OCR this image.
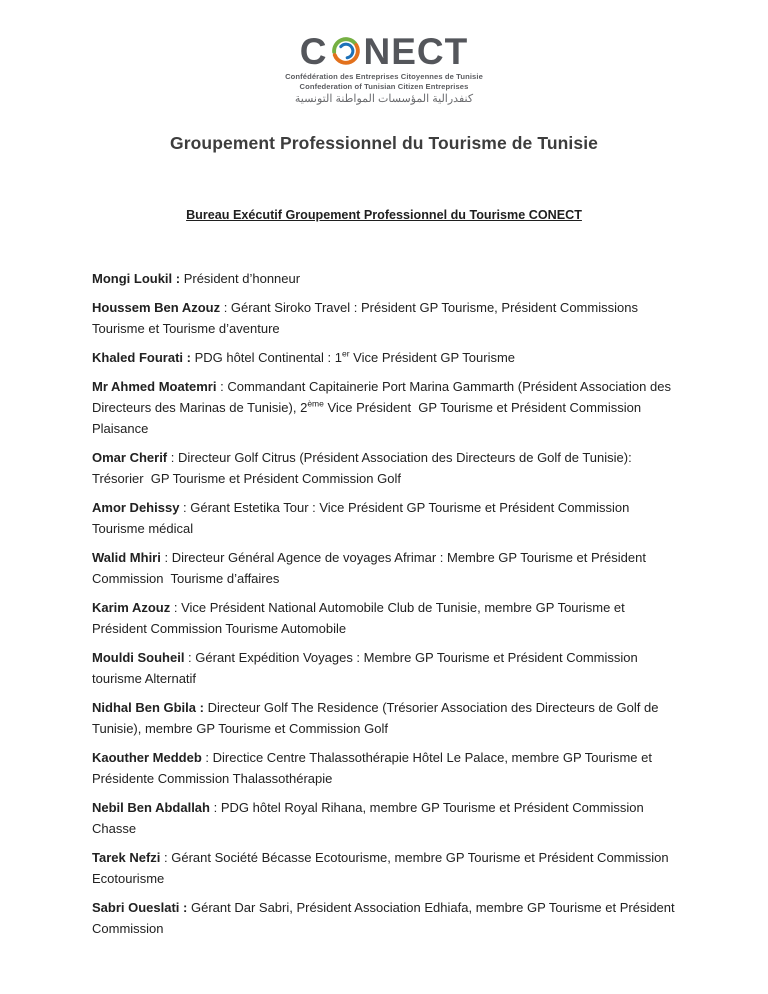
C NECT
Confédération des Entreprises Citoyennes de Tunisie
Confederation of Tunisian Citizen Entreprises
كنفدرالية المؤسسات المواطنة التونسية
Groupement Professionnel du Tourisme de Tunisie
Bureau Exécutif Groupement Professionnel du Tourisme CONECT

Mongi Loukil : Président d’honneur

Houssem Ben Azouz : Gérant Siroko Travel : Président GP Tourisme, Président Commissions Tourisme et Tourisme d’aventure

Khaled Fourati : PDG hôtel Continental : 1er Vice Président GP Tourisme

Mr Ahmed Moatemri : Commandant Capitainerie Port Marina Gammarth (Président Association des Directeurs des Marinas de Tunisie), 2ème Vice Président  GP Tourisme et Président Commission Plaisance

Omar Cherif : Directeur Golf Citrus (Président Association des Directeurs de Golf de Tunisie): Trésorier  GP Tourisme et Président Commission Golf

Amor Dehissy : Gérant Estetika Tour : Vice Président GP Tourisme et Président Commission Tourisme médical

Walid Mhiri : Directeur Général Agence de voyages Afrimar : Membre GP Tourisme et Président Commission  Tourisme d’affaires

Karim Azouz : Vice Président National Automobile Club de Tunisie, membre GP Tourisme et Président Commission Tourisme Automobile

Mouldi Souheil : Gérant Expédition Voyages : Membre GP Tourisme et Président Commission tourisme Alternatif

Nidhal Ben Gbila : Directeur Golf The Residence (Trésorier Association des Directeurs de Golf de Tunisie), membre GP Tourisme et Commission Golf

Kaouther Meddeb : Directice Centre Thalassothérapie Hôtel Le Palace, membre GP Tourisme et Présidente Commission Thalassothérapie

Nebil Ben Abdallah : PDG hôtel Royal Rihana, membre GP Tourisme et Président Commission Chasse

Tarek Nefzi : Gérant Société Bécasse Ecotourisme, membre GP Tourisme et Président Commission Ecotourisme

Sabri Oueslati : Gérant Dar Sabri, Président Association Edhiafa, membre GP Tourisme et Président Commission
